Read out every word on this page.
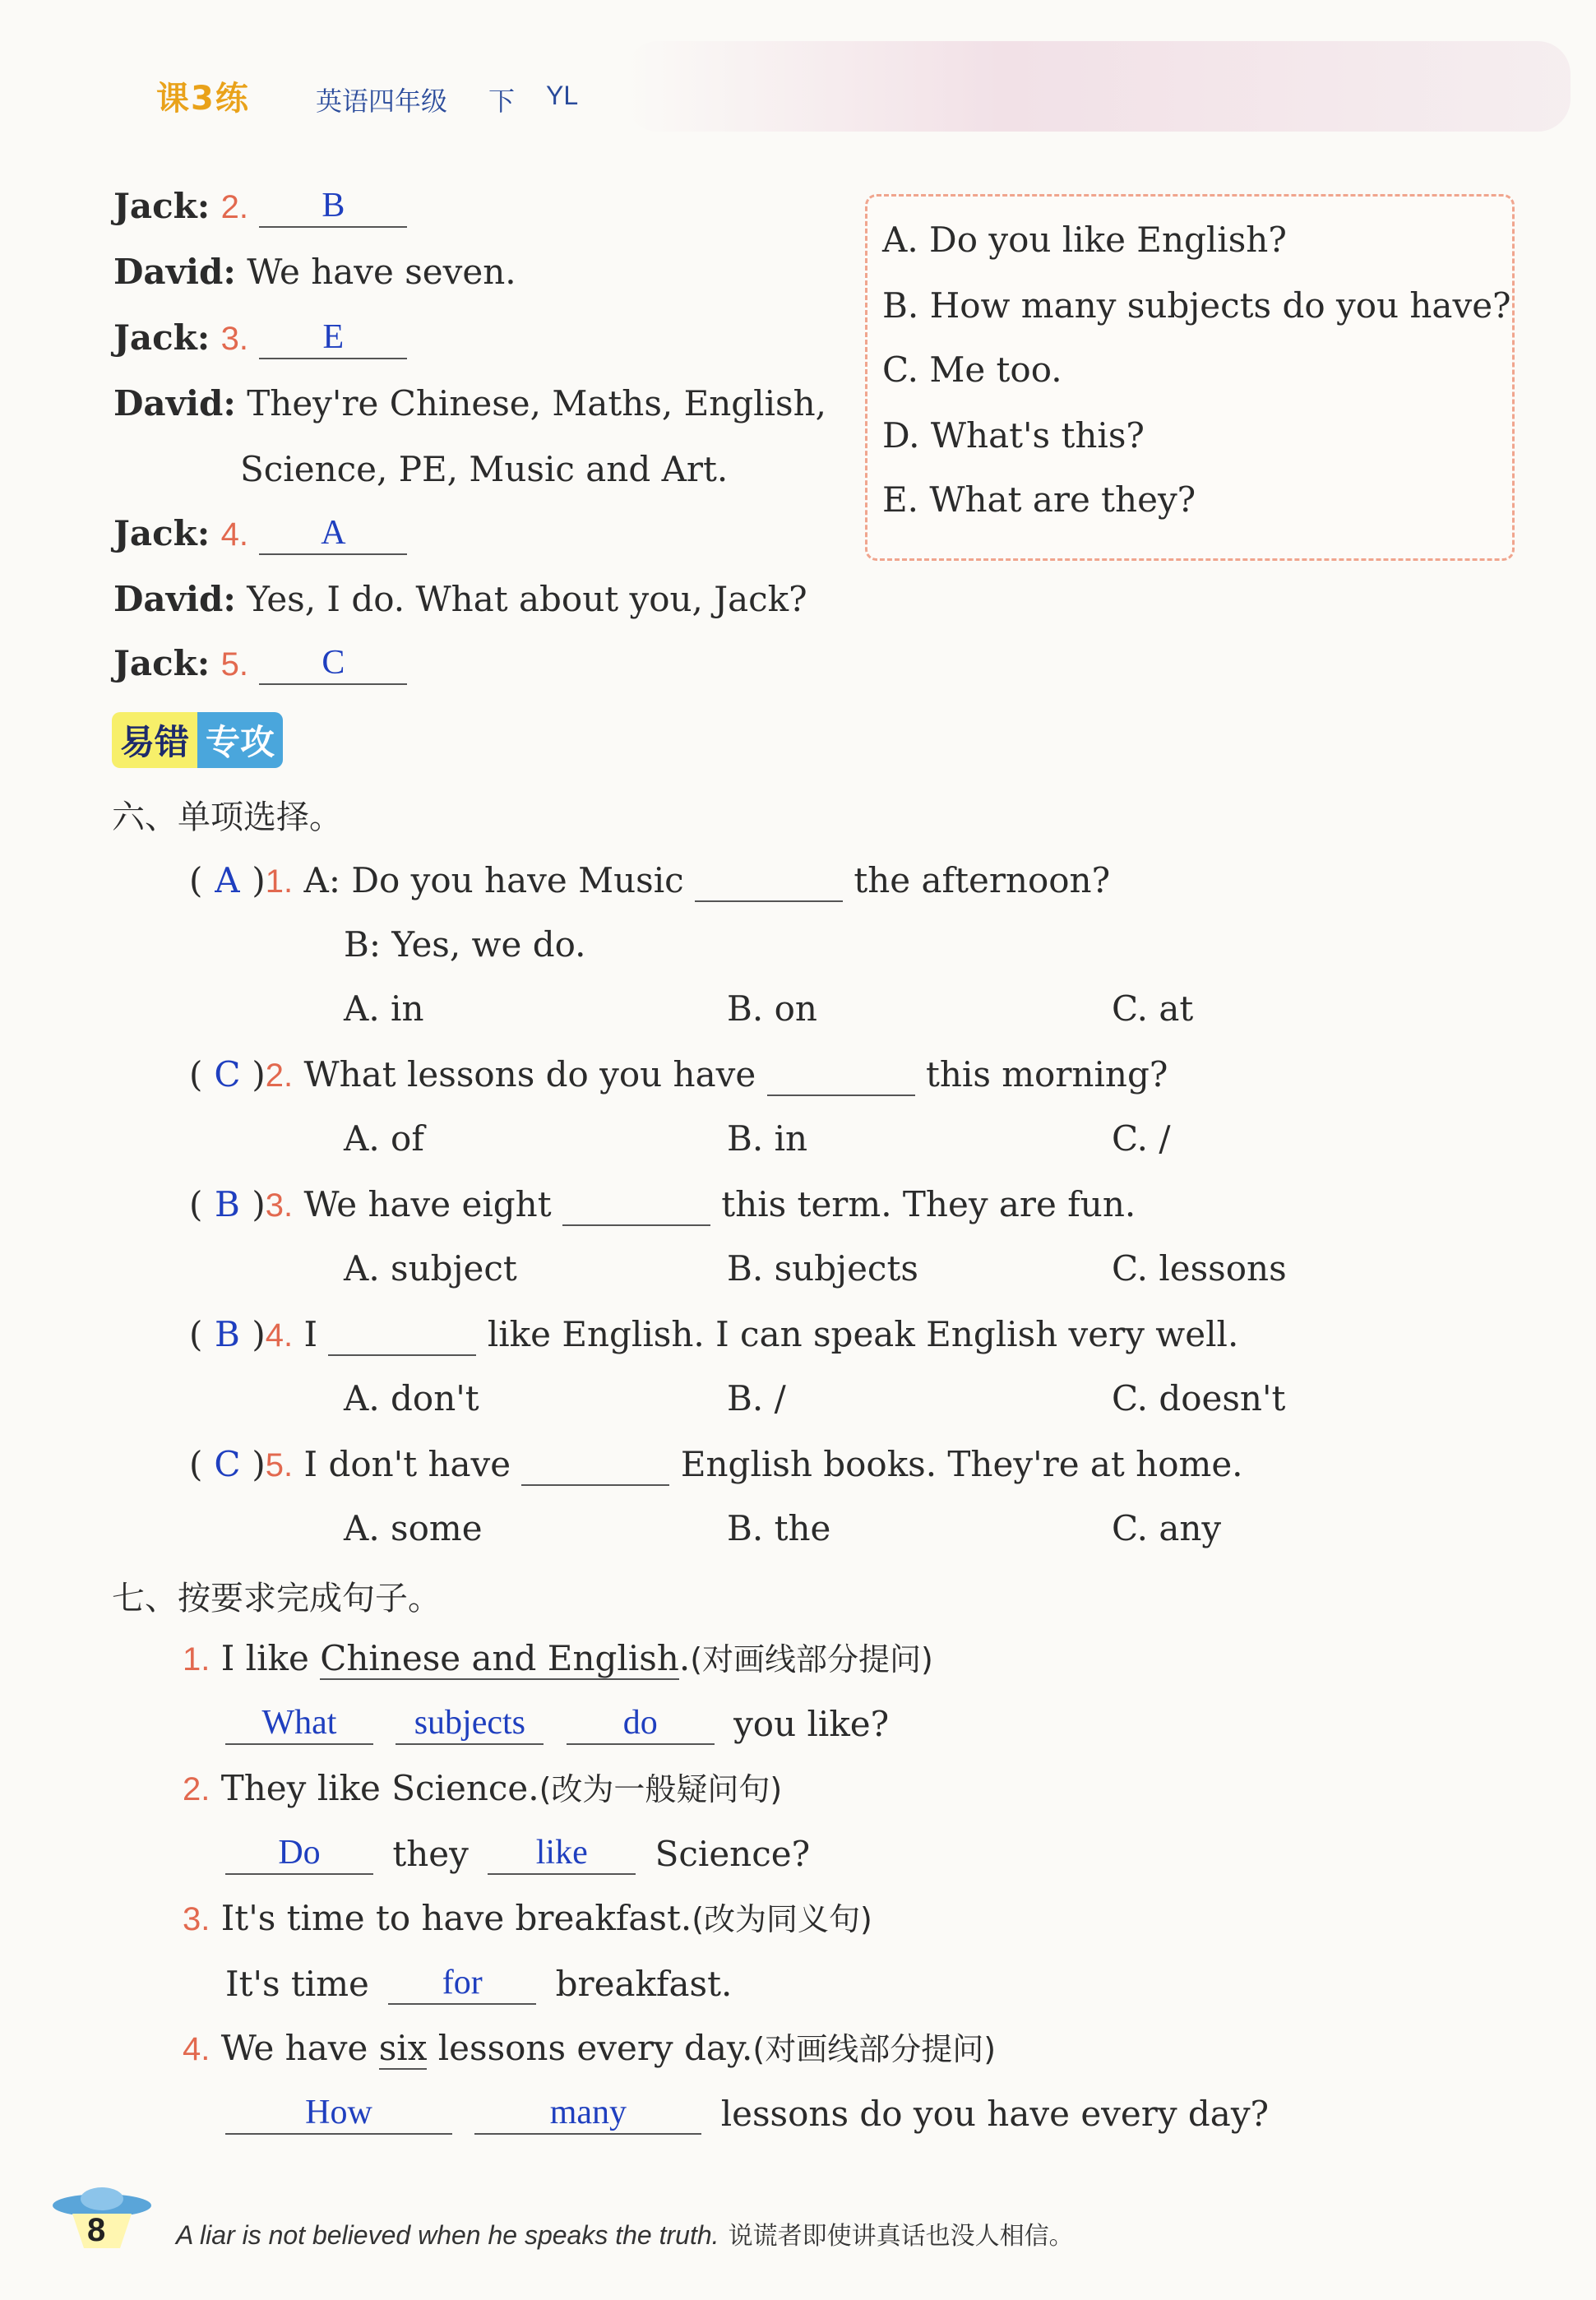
课3练	英语四年级 下 YL
Jack: 2.	B
David: We have seven.
Jack: 3.	E
David: They're Chinese, Maths, English,
Science, PE, Music and Art.
Jack: 4.	A
David: Yes, I do. What about you, Jack?
Jack: 5.	C
A. Do you like English?
B. How many subjects do you have?
C. Me too.
D. What's this?
E. What are they?
易错 专攻
六、单项选择。
( A )1. A: Do you have Music	the afternoon?
B: Yes, we do.
A. in	B. on	C. at
( C )2. What lessons do you have	this morning?
A. of	B. in	C. /
( B )3. We have eight	this term. They are fun.
A. subject	B. subjects	C. lessons
( B )4. I	like English. I can speak English very well.
A. don't	B. /	C. doesn't
( C )5. I don't have	English books. They're at home.
A. some	B. the	C. any
七、按要求完成句子。
1. I like Chinese and English.(对画线部分提问)
What
	subjects
	do	you like?
2. They like Science.(改为一般疑问句)
Do	they	like	Science?
3. It's time to have breakfast.(改为同义句)
It's time	for	breakfast.
4. We have six lessons every day.(对画线部分提问)
How
	many	lessons do you have every day?
8	A liar is not believed when he speaks the truth. 说谎者即使讲真话也没人相信。
